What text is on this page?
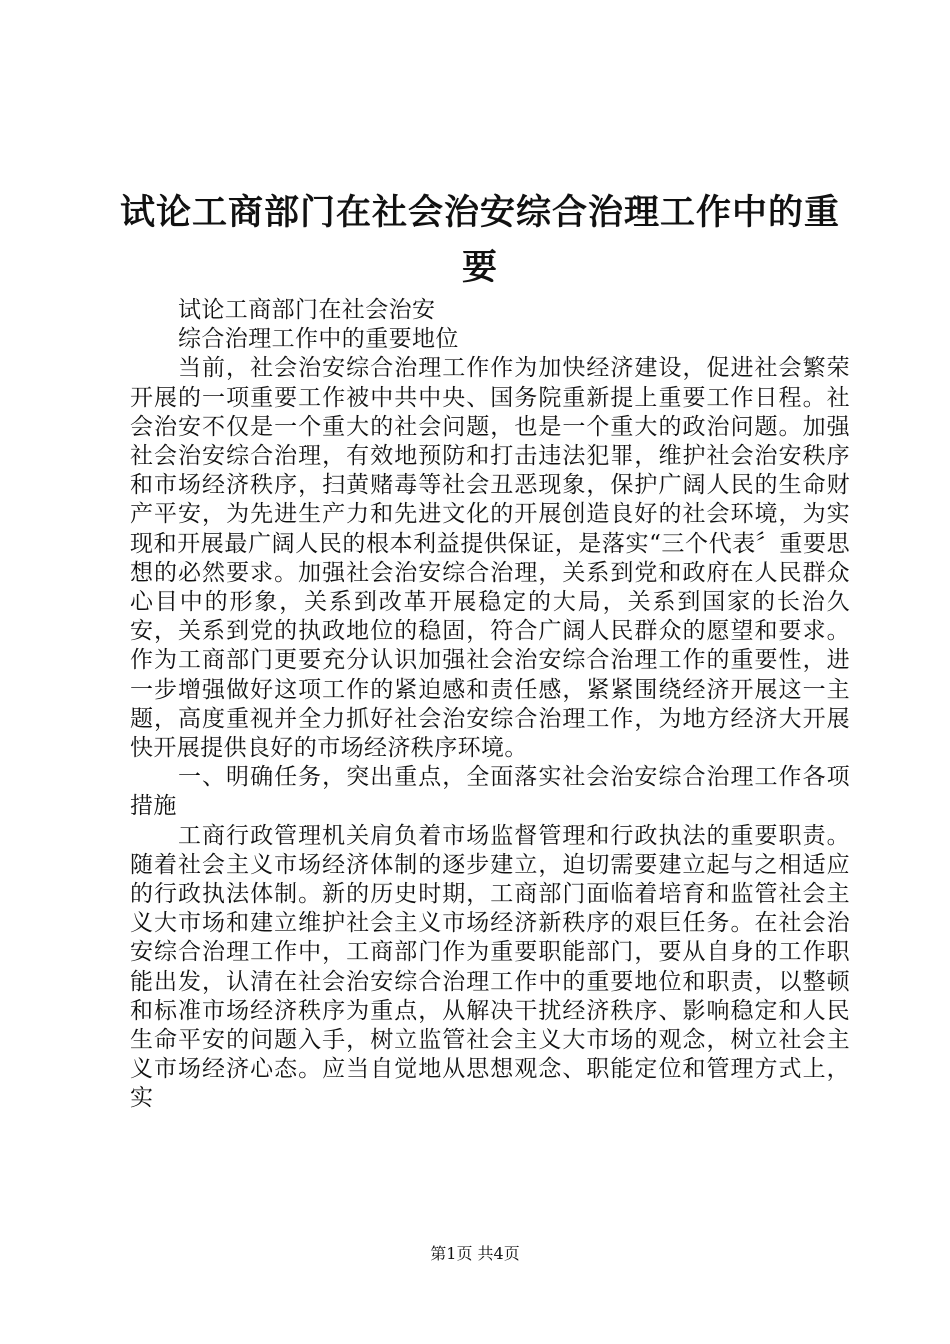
试论工商部门在社会治安综合治理工作中的重要

试论工商部门在社会治安

综合治理工作中的重要地位

当前，社会治安综合治理工作作为加快经济建设，促进社会繁荣开展的一项重要工作被中共中央、国务院重新提上重要工作日程。社会治安不仅是一个重大的社会问题，也是一个重大的政治问题。加强社会治安综合治理，有效地预防和打击违法犯罪，维护社会治安秩序和市场经济秩序，扫黄赌毒等社会丑恶现象，保护广阔人民的生命财产平安，为先进生产力和先进文化的开展创造良好的社会环境，为实现和开展最广阔人民的根本利益提供保证，是落实“三个代表〞重要思想的必然要求。加强社会治安综合治理，关系到党和政府在人民群众心目中的形象，关系到改革开展稳定的大局，关系到国家的长治久安，关系到党的执政地位的稳固，符合广阔人民群众的愿望和要求。作为工商部门更要充分认识加强社会治安综合治理工作的重要性，进一步增强做好这项工作的紧迫感和责任感，紧紧围绕经济开展这一主题，高度重视并全力抓好社会治安综合治理工作，为地方经济大开展快开展提供良好的市场经济秩序环境。

一、明确任务，突出重点，全面落实社会治安综合治理工作各项措施

工商行政管理机关肩负着市场监督管理和行政执法的重要职责。随着社会主义市场经济体制的逐步建立，迫切需要建立起与之相适应的行政执法体制。新的历史时期，工商部门面临着培育和监管社会主义大市场和建立维护社会主义市场经济新秩序的艰巨任务。在社会治安综合治理工作中，工商部门作为重要职能部门，要从自身的工作职能出发，认清在社会治安综合治理工作中的重要地位和职责，以整顿和标准市场经济秩序为重点，从解决干扰经济秩序、影响稳定和人民生命平安的问题入手，树立监管社会主义大市场的观念，树立社会主义市场经济心态。应当自觉地从思想观念、职能定位和管理方式上，实

第1页 共4页
